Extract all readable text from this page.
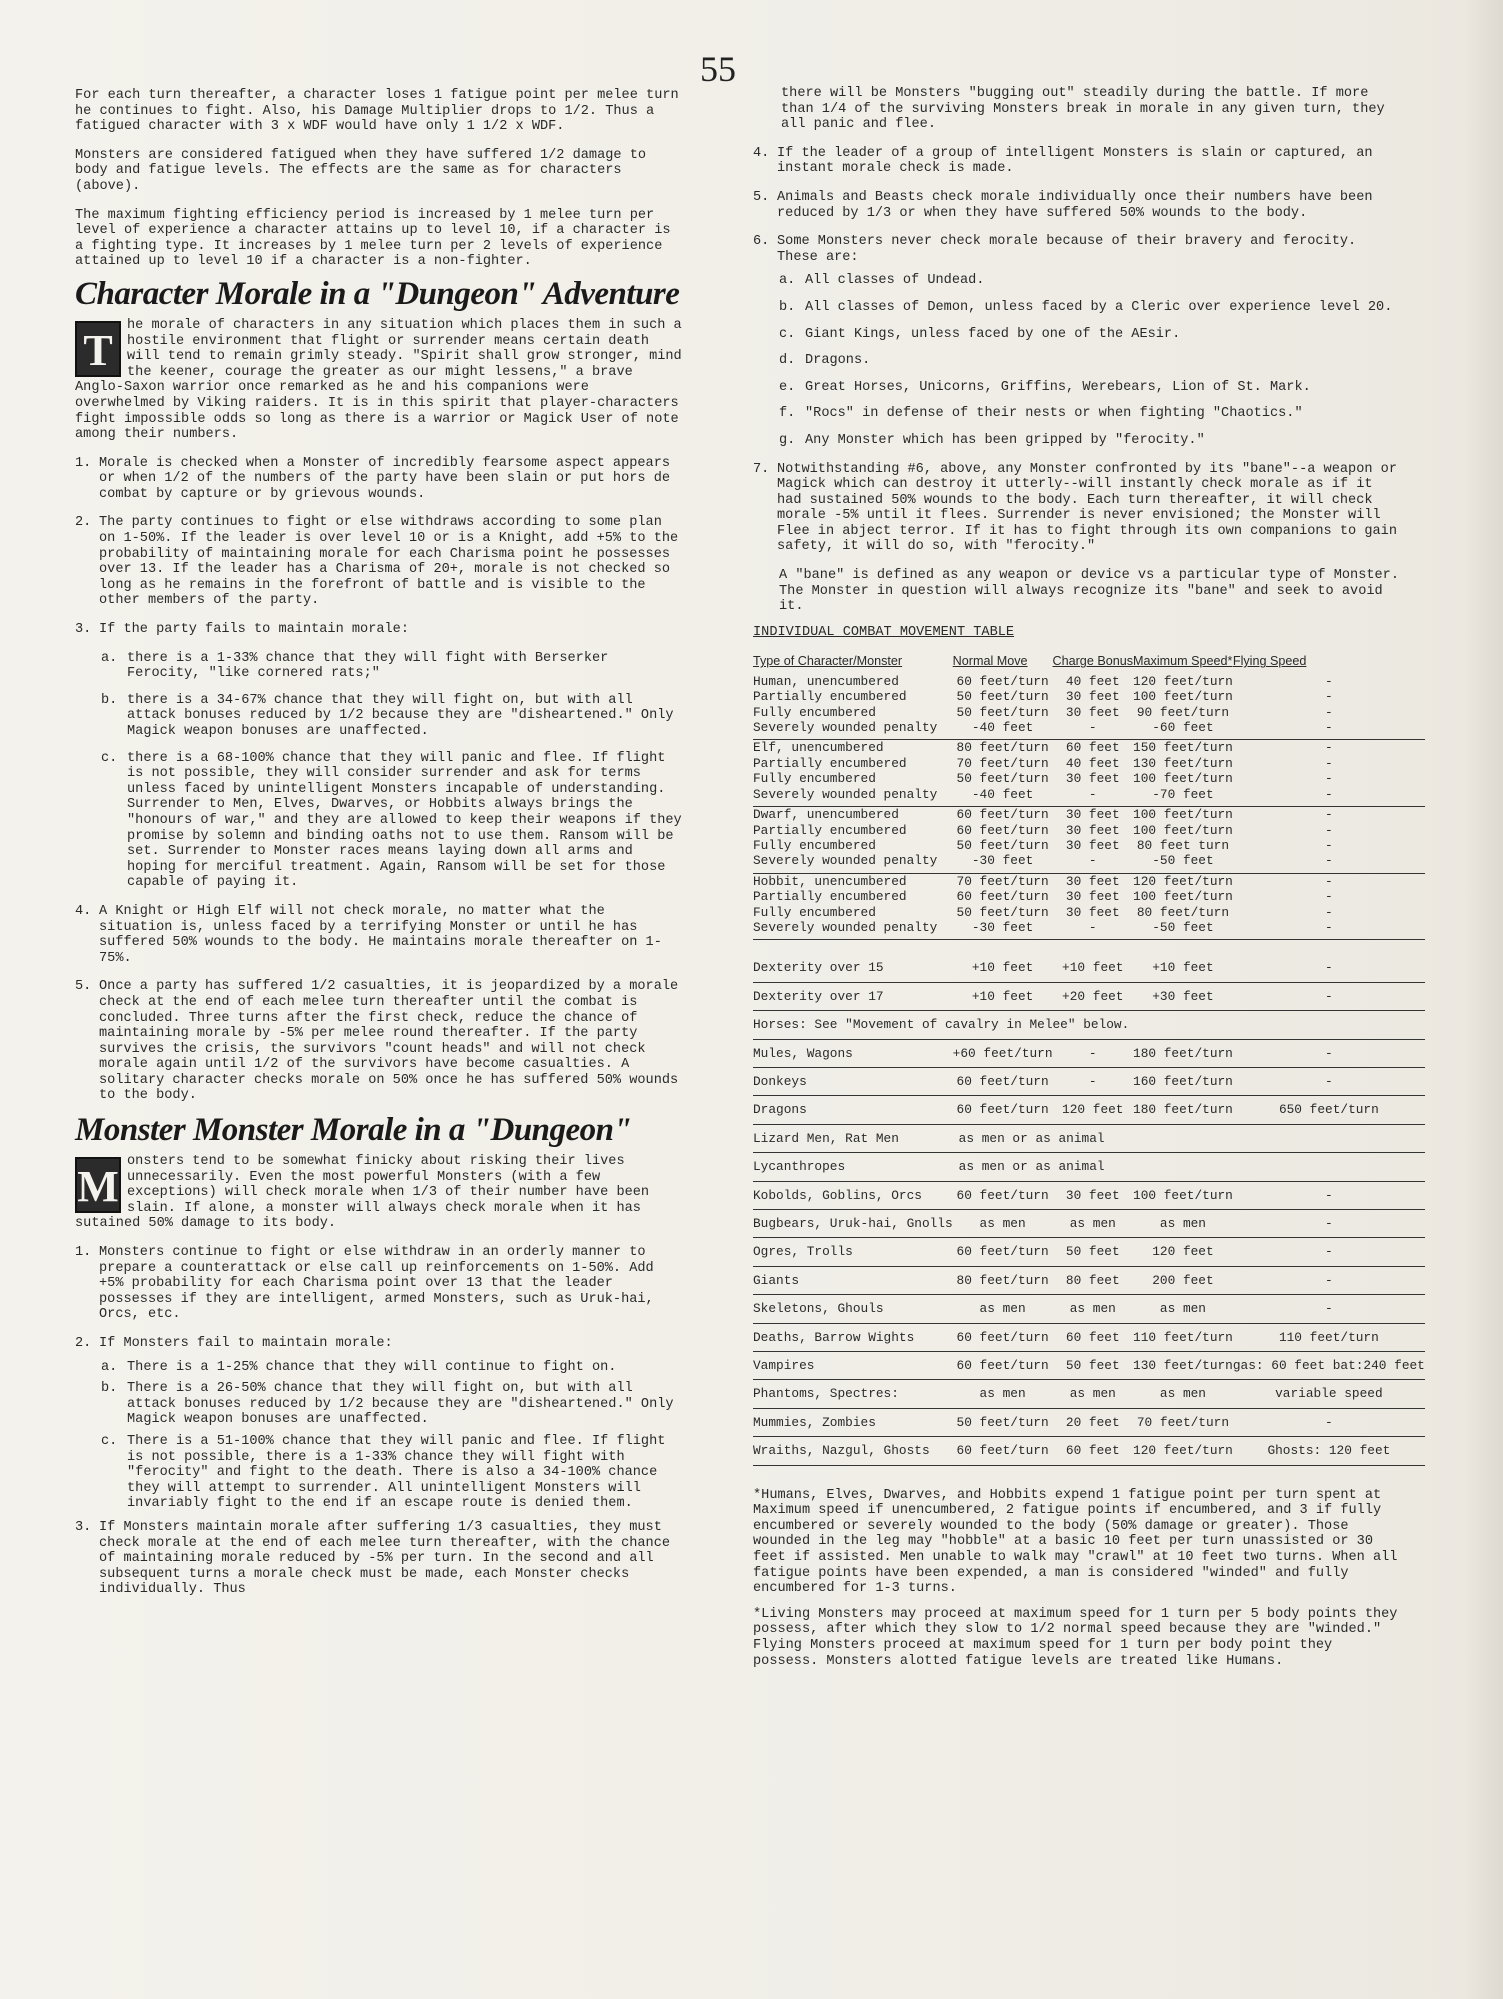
55

For each turn thereafter, a character loses 1 fatigue point per melee turn he continues to fight. Also, his Damage Multiplier drops to 1/2. Thus a fatigued character with 3 x WDF would have only 1 1/2 x WDF.

Monsters are considered fatigued when they have suffered 1/2 damage to body and fatigue levels. The effects are the same as for characters (above).

The maximum fighting efficiency period is increased by 1 melee turn per level of experience a character attains up to level 10, if a character is a fighting type. It increases by 1 melee turn per 2 levels of experience attained up to level 10 if a character is a non-fighter.

Character Morale in a "Dungeon" Adventure
T
he morale of characters in any situation which places them in such a hostile environment that flight or surrender means certain death will tend to remain grimly steady. "Spirit shall grow stronger, mind the keener, courage the greater as our might lessens," a brave Anglo-Saxon warrior once remarked as he and his companions were overwhelmed by Viking raiders. It is in this spirit that player-characters fight impossible odds so long as there is a warrior or Magick User of note among their numbers.
1. Morale is checked when a Monster of incredibly fearsome aspect appears or when 1/2 of the numbers of the party have been slain or put hors de combat by capture or by grievous wounds.
2. The party continues to fight or else withdraws according to some plan on 1-50%. If the leader is over level 10 or is a Knight, add +5% to the probability of maintaining morale for each Charisma point he possesses over 13. If the leader has a Charisma of 20+, morale is not checked so long as he remains in the forefront of battle and is visible to the other members of the party.
3. If the party fails to maintain morale:
a. there is a 1-33% chance that they will fight with Berserker Ferocity, "like cornered rats;"
b. there is a 34-67% chance that they will fight on, but with all attack bonuses reduced by 1/2 because they are "disheartened." Only Magick weapon bonuses are unaffected.
c. there is a 68-100% chance that they will panic and flee. If flight is not possible, they will consider surrender and ask for terms unless faced by unintelligent Monsters incapable of understanding. Surrender to Men, Elves, Dwarves, or Hobbits always brings the "honours of war," and they are allowed to keep their weapons if they promise by solemn and binding oaths not to use them. Ransom will be set. Surrender to Monster races means laying down all arms and hoping for merciful treatment. Again, Ransom will be set for those capable of paying it.
4. A Knight or High Elf will not check morale, no matter what the situation is, unless faced by a terrifying Monster or until he has suffered 50% wounds to the body. He maintains morale thereafter on 1-75%.
5. Once a party has suffered 1/2 casualties, it is jeopardized by a morale check at the end of each melee turn thereafter until the combat is concluded. Three turns after the first check, reduce the chance of maintaining morale by -5% per melee round thereafter. If the party survives the crisis, the survivors "count heads" and will not check morale again until 1/2 of the survivors have become casualties. A solitary character checks morale on 50% once he has suffered 50% wounds to the body.
Monster Monster Morale in a "Dungeon"
M
onsters tend to be somewhat finicky about risking their lives unnecessarily. Even the most powerful Monsters (with a few exceptions) will check morale when 1/3 of their number have been slain. If alone, a monster will always check morale when it has sutained 50% damage to its body.
1. Monsters continue to fight or else withdraw in an orderly manner to prepare a counterattack or else call up reinforcements on 1-50%. Add +5% probability for each Charisma point over 13 that the leader possesses if they are intelligent, armed Monsters, such as Uruk-hai, Orcs, etc.
2. If Monsters fail to maintain morale:
a. There is a 1-25% chance that they will continue to fight on.
b. There is a 26-50% chance that they will fight on, but with all attack bonuses reduced by 1/2 because they are "disheartened." Only Magick weapon bonuses are unaffected.
c. There is a 51-100% chance that they will panic and flee. If flight is not possible, there is a 1-33% chance they will fight with "ferocity" and fight to the death. There is also a 34-100% chance they will attempt to surrender. All unintelligent Monsters will invariably fight to the end if an escape route is denied them.
3. If Monsters maintain morale after suffering 1/3 casualties, they must check morale at the end of each melee turn thereafter, with the chance of maintaining morale reduced by -5% per turn. In the second and all subsequent turns a morale check must be made, each Monster checks individually. Thus

there will be Monsters "bugging out" steadily during the battle. If more than 1/4 of the surviving Monsters break in morale in any given turn, they all panic and flee.

4. If the leader of a group of intelligent Monsters is slain or captured, an instant morale check is made.
5. Animals and Beasts check morale individually once their numbers have been reduced by 1/3 or when they have suffered 50% wounds to the body.
6. Some Monsters never check morale because of their bravery and ferocity. These are:
a. All classes of Undead.
b. All classes of Demon, unless faced by a Cleric over experience level 20.
c. Giant Kings, unless faced by one of the AEsir.
d. Dragons.
e. Great Horses, Unicorns, Griffins, Werebears, Lion of St. Mark.
f. "Rocs" in defense of their nests or when fighting "Chaotics."
g. Any Monster which has been gripped by "ferocity."
7. Notwithstanding #6, above, any Monster confronted by its "bane"--a weapon or Magick which can destroy it utterly--will instantly check morale as if it had sustained 50% wounds to the body. Each turn thereafter, it will check morale -5% until it flees. Surrender is never envisioned; the Monster will Flee in abject terror. If it has to fight through its own companions to gain safety, it will do so, with "ferocity."

A "bane" is defined as any weapon or device vs a particular type of Monster. The Monster in question will always recognize its "bane" and seek to avoid it.

INDIVIDUAL COMBAT MOVEMENT TABLE
Type of Character/Monster	Normal Move	Charge Bonus	Maximum Speed*	Flying Speed
Human, unencumbered	60 feet/turn	40 feet	120 feet/turn	-
Partially encumbered	50 feet/turn	30 feet	100 feet/turn	-
Fully encumbered	50 feet/turn	30 feet	90 feet/turn	-
Severely wounded penalty	-40 feet	-	-60 feet	-
Elf, unencumbered	80 feet/turn	60 feet	150 feet/turn	-
Partially encumbered	70 feet/turn	40 feet	130 feet/turn	-
Fully encumbered	50 feet/turn	30 feet	100 feet/turn	-
Severely wounded penalty	-40 feet	-	-70 feet	-
Dwarf, unencumbered	60 feet/turn	30 feet	100 feet/turn	-
Partially encumbered	60 feet/turn	30 feet	100 feet/turn	-
Fully encumbered	50 feet/turn	30 feet	80 feet turn	-
Severely wounded penalty	-30 feet	-	-50 feet	-
Hobbit, unencumbered	70 feet/turn	30 feet	120 feet/turn	-
Partially encumbered	60 feet/turn	30 feet	100 feet/turn	-
Fully encumbered	50 feet/turn	30 feet	80 feet/turn	-
Severely wounded penalty	-30 feet	-	-50 feet	-

Dexterity over 15	+10 feet	+10 feet	+10 feet	-
Dexterity over 17	+10 feet	+20 feet	+30 feet	-
Horses: See "Movement of cavalry in Melee" below.				
Mules, Wagons	+60 feet/turn	-	180 feet/turn	-
Donkeys	60 feet/turn	-	160 feet/turn	-
Dragons	60 feet/turn	120 feet	180 feet/turn	650 feet/turn
Lizard Men, Rat Men	as men or as animal			
Lycanthropes	as men or as animal			
Kobolds, Goblins, Orcs	60 feet/turn	30 feet	100 feet/turn	-
Bugbears, Uruk-hai, Gnolls	as men	as men	as men	-
Ogres, Trolls	60 feet/turn	50 feet	120 feet	-
Giants	80 feet/turn	80 feet	200 feet	-
Skeletons, Ghouls	as men	as men	as men	-
Deaths, Barrow Wights	60 feet/turn	60 feet	110 feet/turn	110 feet/turn
Vampires	60 feet/turn	50 feet	130 feet/turn	gas: 60 feet bat:240 feet
Phantoms, Spectres:	as men	as men	as men	variable speed
Mummies, Zombies	50 feet/turn	20 feet	70 feet/turn	-
Wraiths, Nazgul, Ghosts	60 feet/turn	60 feet	120 feet/turn	Ghosts: 120 feet

*Humans, Elves, Dwarves, and Hobbits expend 1 fatigue point per turn spent at Maximum speed if unencumbered, 2 fatigue points if encumbered, and 3 if fully encumbered or severely wounded to the body (50% damage or greater). Those wounded in the leg may "hobble" at a basic 10 feet per turn unassisted or 30 feet if assisted. Men unable to walk may "crawl" at 10 feet two turns. When all fatigue points have been expended, a man is considered "winded" and fully encumbered for 1-3 turns.

*Living Monsters may proceed at maximum speed for 1 turn per 5 body points they possess, after which they slow to 1/2 normal speed because they are "winded." Flying Monsters proceed at maximum speed for 1 turn per body point they possess. Monsters alotted fatigue levels are treated like Humans.
